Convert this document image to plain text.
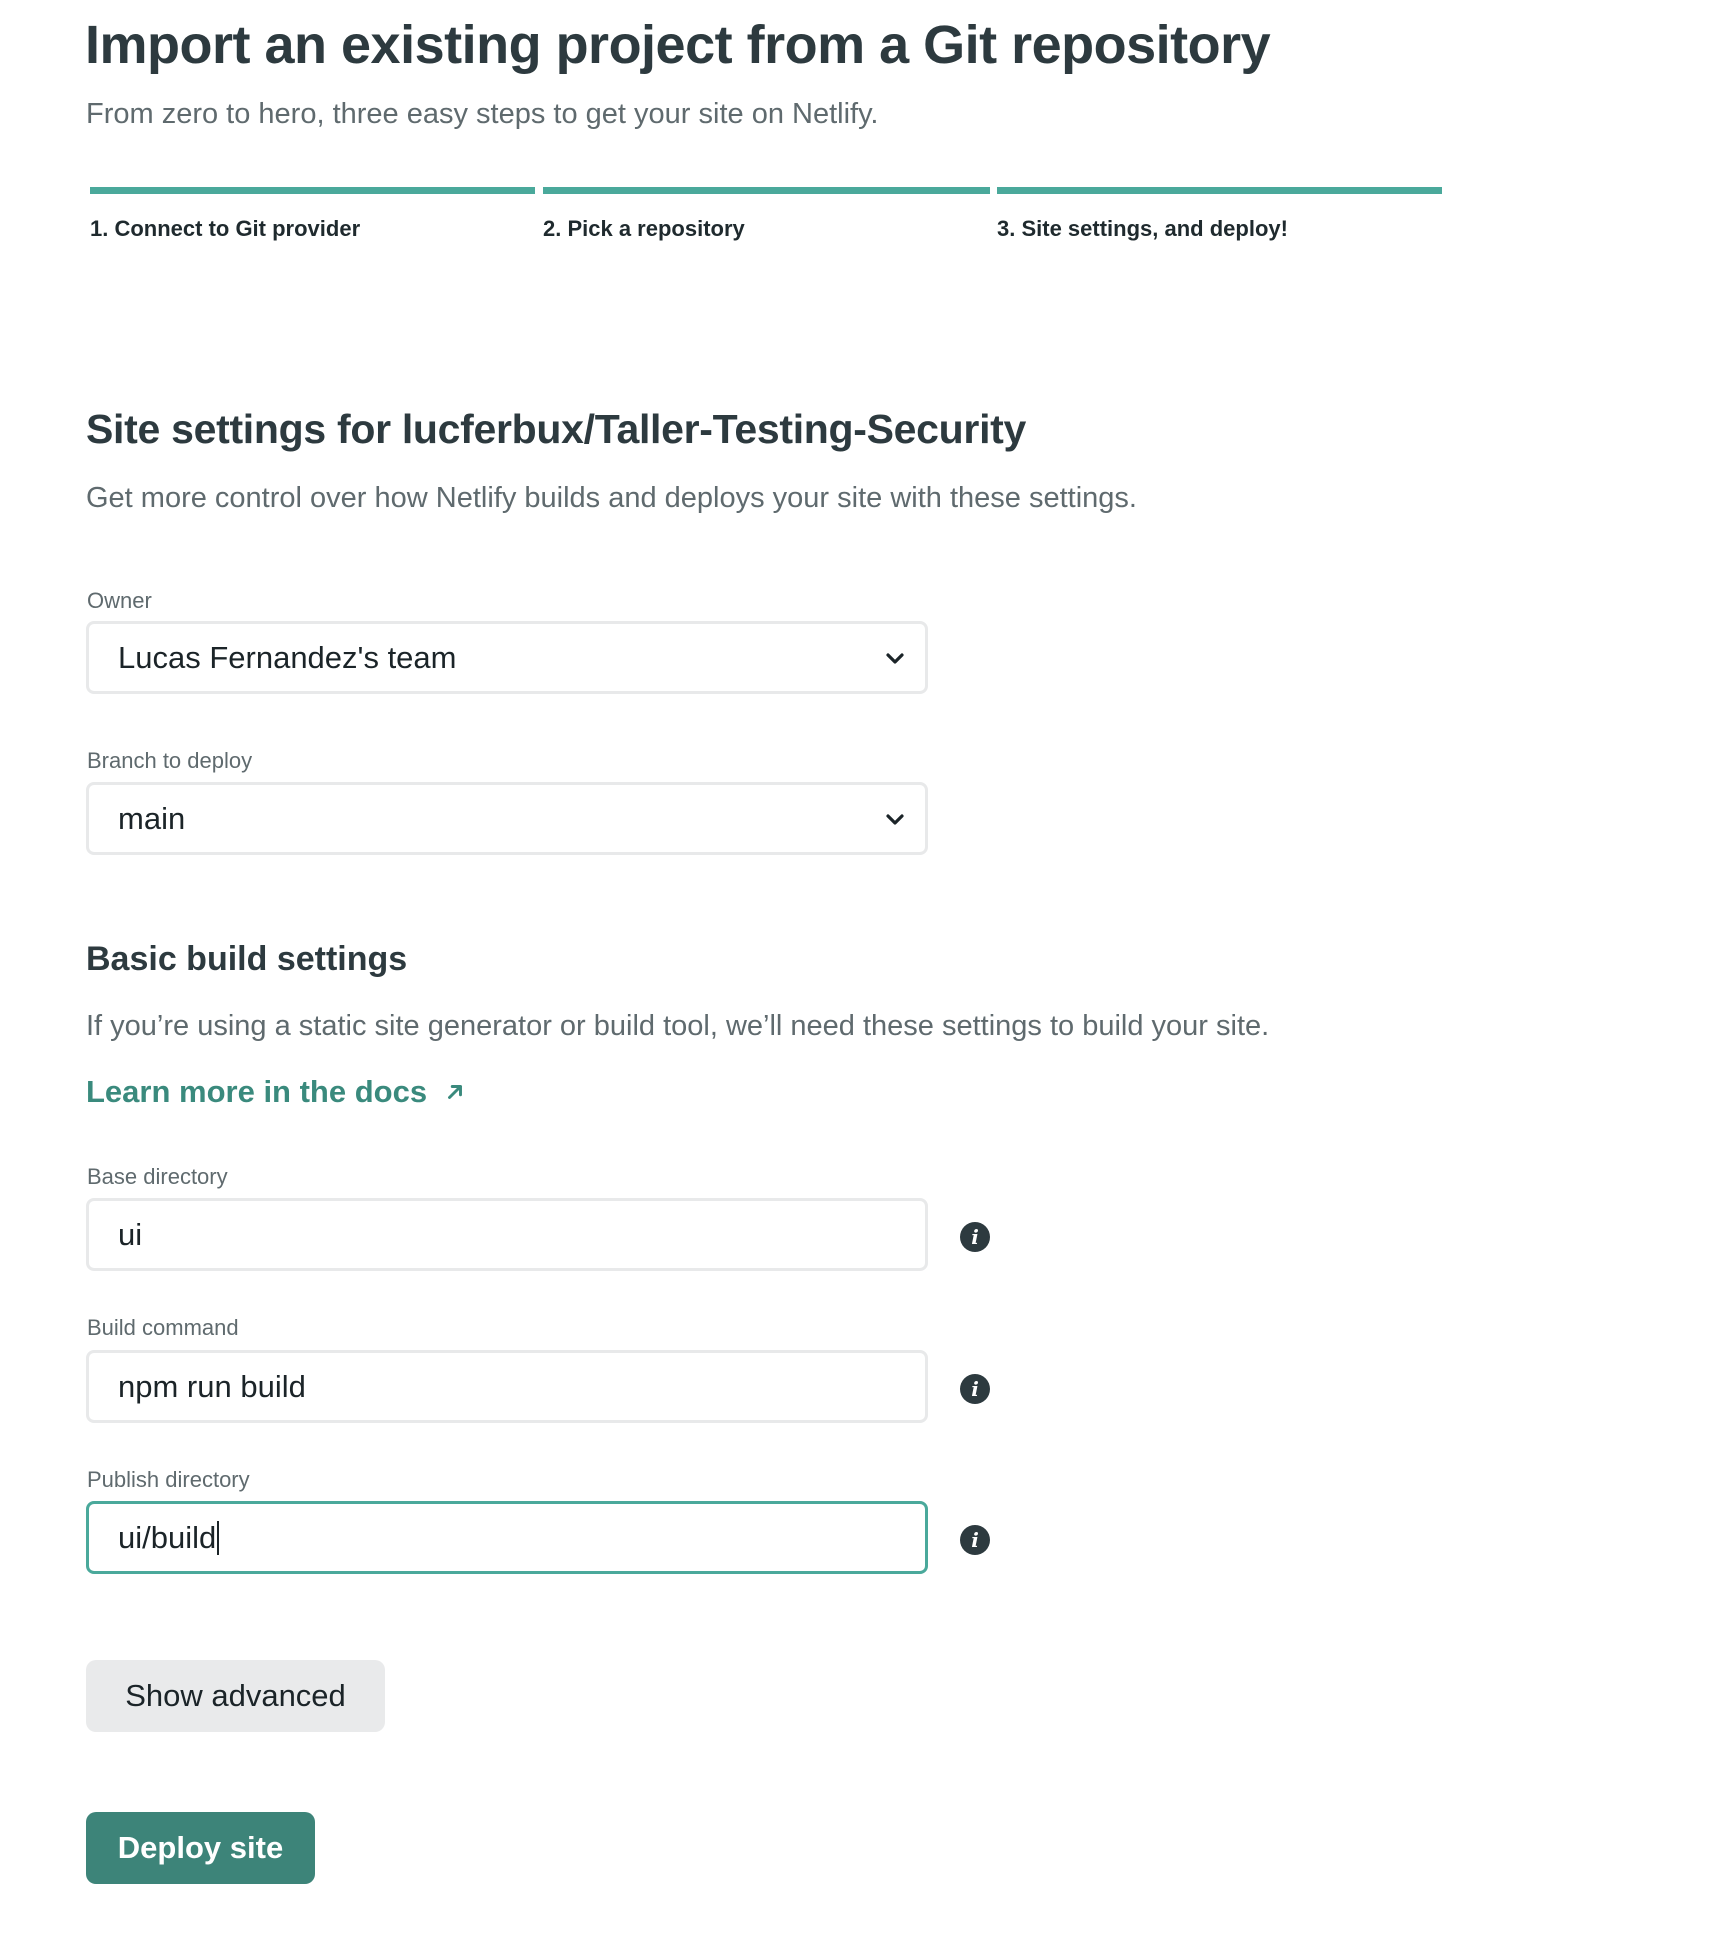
Import an existing project from a Git repository
From zero to hero, three easy steps to get your site on Netlify.
1. Connect to Git provider	2. Pick a repository	3. Site settings, and deploy!
Site settings for lucferbux/Taller-Testing-Security
Get more control over how Netlify builds and deploys your site with these settings.
Owner
Lucas Fernandez's team
Branch to deploy
main
Basic build settings
If you’re using a static site generator or build tool, we’ll need these settings to build your site.
Learn more in the docs
Base directory
ui	i
Build command
npm run build	i
Publish directory
ui/build	i
Show advanced
Deploy site
